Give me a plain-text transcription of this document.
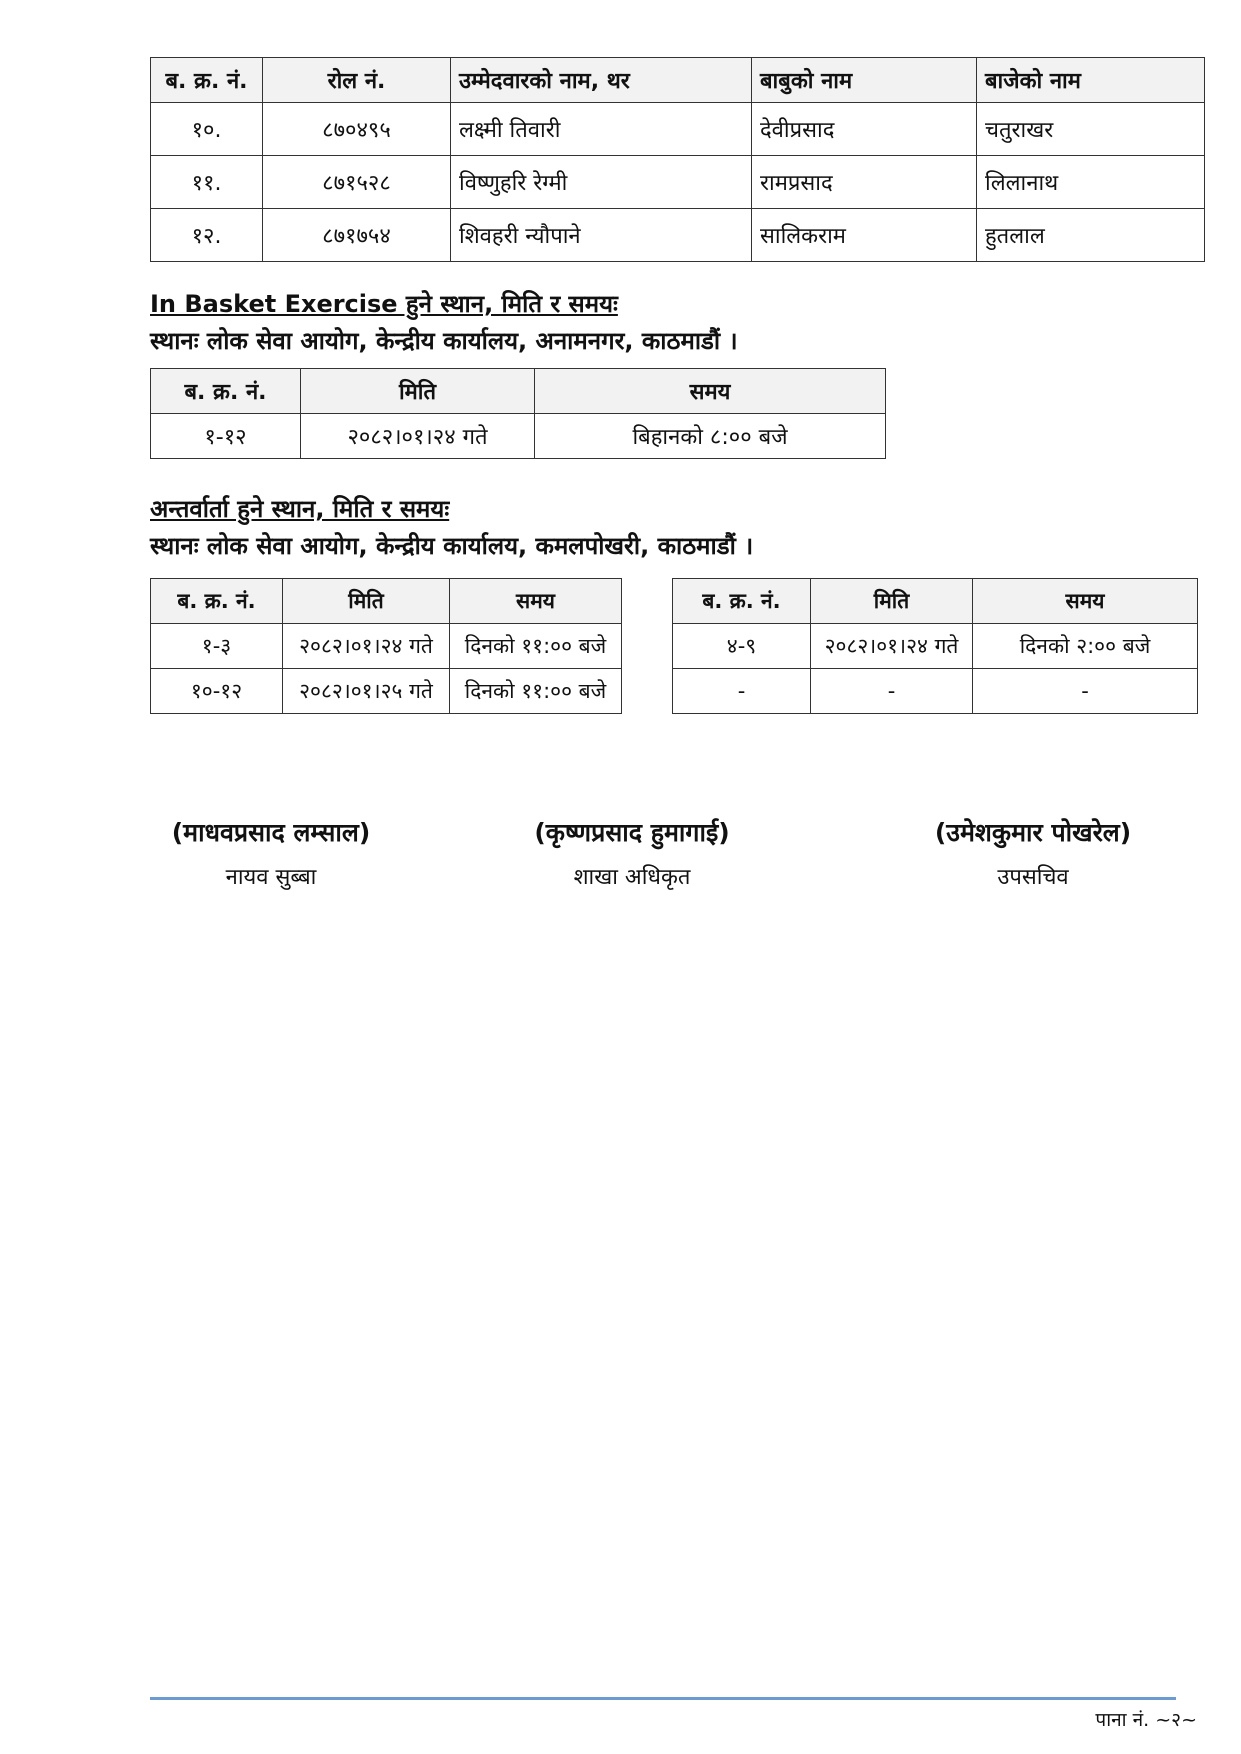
ब. क्र. नं.	रोल नं.	उम्मेदवारको नाम, थर	बाबुको नाम	बाजेको नाम
१०.	८७०४९५	लक्ष्मी तिवारी	देवीप्रसाद	चतुराखर
११.	८७१५२८	विष्णुहरि रेग्मी	रामप्रसाद	लिलानाथ
१२.	८७१७५४	शिवहरी न्यौपाने	सालिकराम	हुतलाल
In Basket Exercise हुने स्थान, मिति र समयः
स्थानः लोक सेवा आयोग, केन्द्रीय कार्यालय, अनामनगर, काठमाडौं ।
ब. क्र. नं.	मिति	समय
१-१२	२०८२।०१।२४ गते	बिहानको ८:०० बजे
अन्तर्वार्ता हुने स्थान, मिति र समयः
स्थानः लोक सेवा आयोग, केन्द्रीय कार्यालय, कमलपोखरी, काठमाडौं ।
ब. क्र. नं.	मिति	समय
१-३	२०८२।०१।२४ गते	दिनको ११:०० बजे
१०-१२	२०८२।०१।२५ गते	दिनको ११:०० बजे
ब. क्र. नं.	मिति	समय
४-९	२०८२।०१।२४ गते	दिनको २:०० बजे
-	-	-
(माधवप्रसाद लम्साल)
नायव सुब्बा
(कृष्णप्रसाद हुमागाई)
शाखा अधिकृत
(उमेशकुमार पोखरेल)
उपसचिव
पाना नं. ~२~
